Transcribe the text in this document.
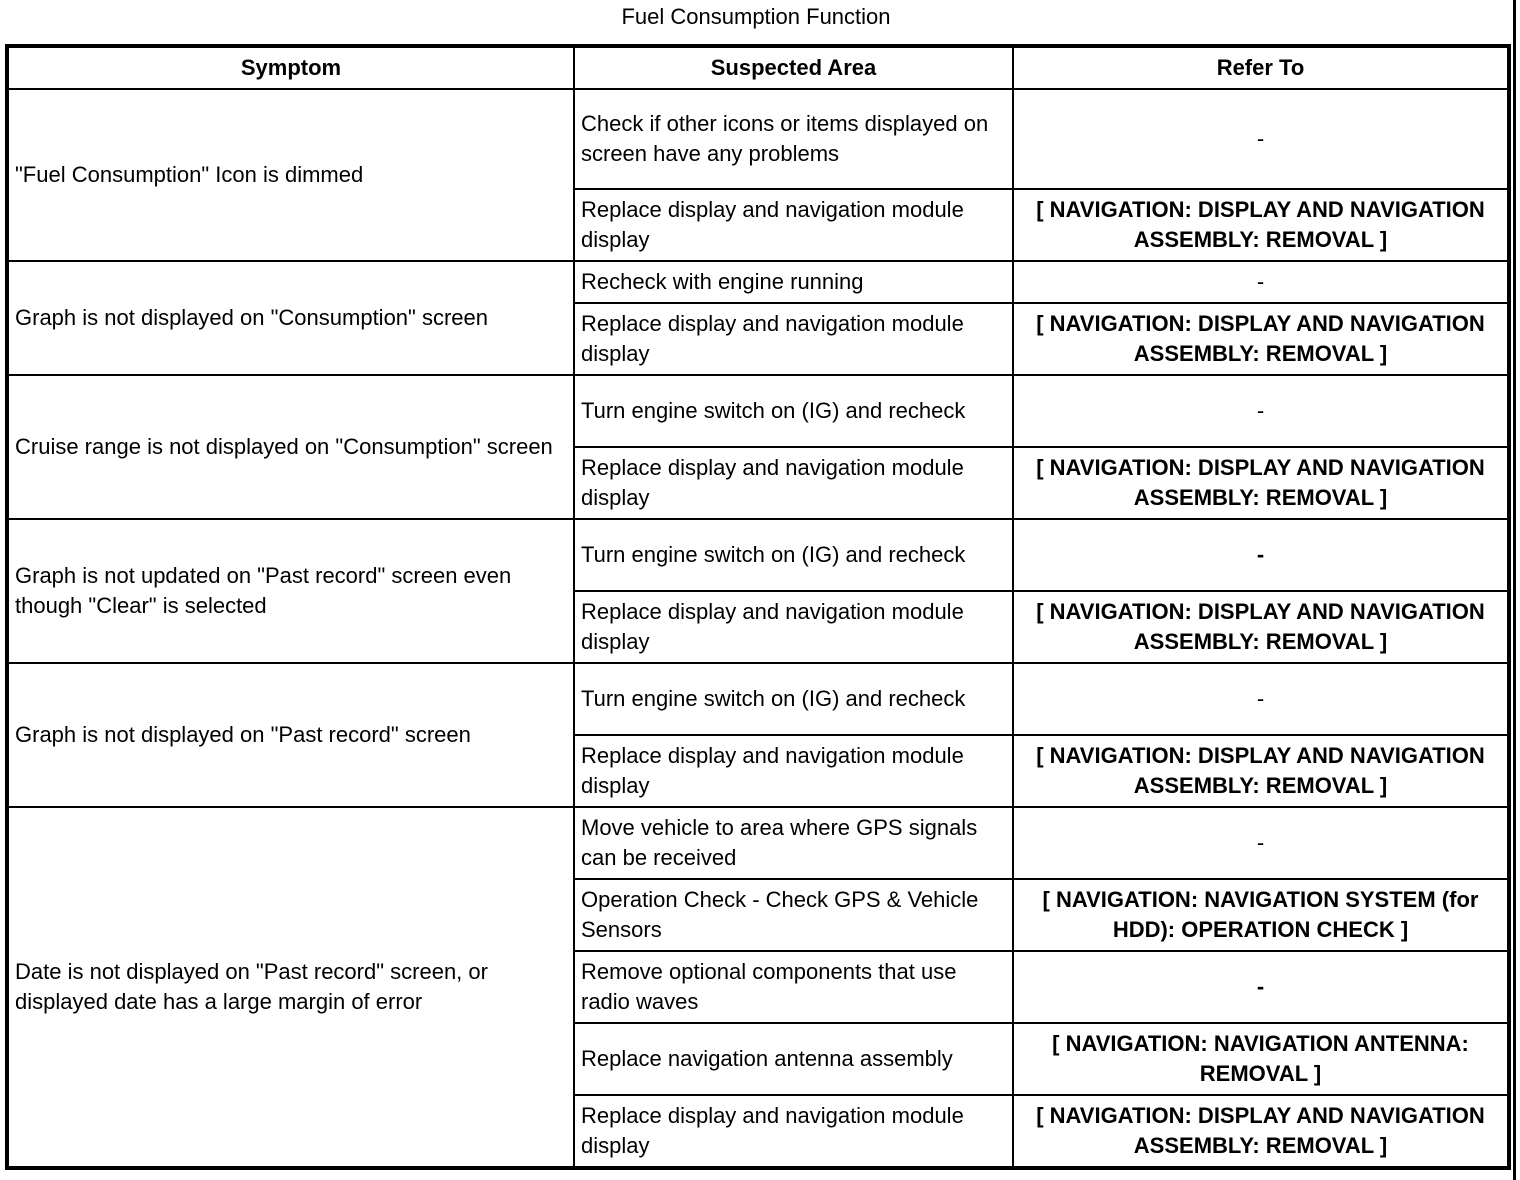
Fuel Consumption Function
Symptom	Suspected Area	Refer To
"Fuel Consumption" Icon is dimmed	Check if other icons or items displayed on screen have any problems	-
	Replace display and navigation module display	[ NAVIGATION: DISPLAY AND NAVIGATION ASSEMBLY: REMOVAL ]
Graph is not displayed on "Consumption" screen	Recheck with engine running	-
	Replace display and navigation module display	[ NAVIGATION: DISPLAY AND NAVIGATION ASSEMBLY: REMOVAL ]
Cruise range is not displayed on "Consumption" screen	Turn engine switch on (IG) and recheck	-
	Replace display and navigation module display	[ NAVIGATION: DISPLAY AND NAVIGATION ASSEMBLY: REMOVAL ]
Graph is not updated on "Past record" screen even though "Clear" is selected	Turn engine switch on (IG) and recheck	-
	Replace display and navigation module display	[ NAVIGATION: DISPLAY AND NAVIGATION ASSEMBLY: REMOVAL ]
Graph is not displayed on "Past record" screen	Turn engine switch on (IG) and recheck	-
	Replace display and navigation module display	[ NAVIGATION: DISPLAY AND NAVIGATION ASSEMBLY: REMOVAL ]
Date is not displayed on "Past record" screen, or displayed date has a large margin of error	Move vehicle to area where GPS signals can be received	-
	Operation Check - Check GPS & Vehicle Sensors	[ NAVIGATION: NAVIGATION SYSTEM (for HDD): OPERATION CHECK ]
	Remove optional components that use radio waves	-
	Replace navigation antenna assembly	[ NAVIGATION: NAVIGATION ANTENNA: REMOVAL ]
	Replace display and navigation module display	[ NAVIGATION: DISPLAY AND NAVIGATION ASSEMBLY: REMOVAL ]
